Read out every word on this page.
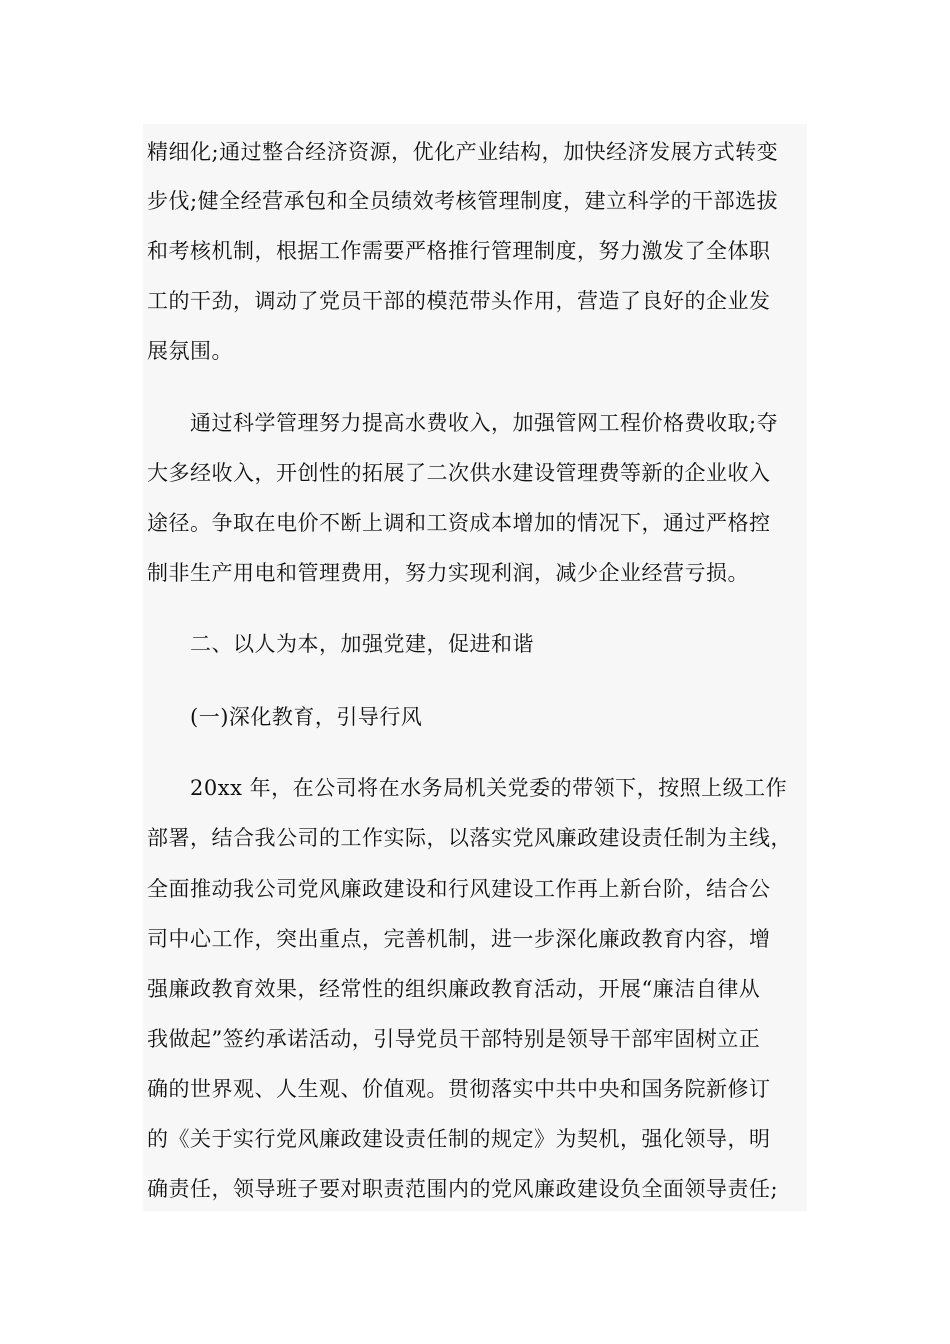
精细化;通过整合经济资源，优化产业结构，加快经济发展方式转变
步伐;健全经营承包和全员绩效考核管理制度，建立科学的干部选拔
和考核机制，根据工作需要严格推行管理制度，努力激发了全体职
工的干劲，调动了党员干部的模范带头作用，营造了良好的企业发
展氛围。
通过科学管理努力提高水费收入，加强管网工程价格费收取;夺
大多经收入，开创性的拓展了二次供水建设管理费等新的企业收入
途径。争取在电价不断上调和工资成本增加的情况下，通过严格控
制非生产用电和管理费用，努力实现利润，减少企业经营亏损。
二、以人为本，加强党建，促进和谐
(一)深化教育，引导行风
20xx 年，在公司将在水务局机关党委的带领下，按照上级工作
部署，结合我公司的工作实际，以落实党风廉政建设责任制为主线，
全面推动我公司党风廉政建设和行风建设工作再上新台阶，结合公
司中心工作，突出重点，完善机制，进一步深化廉政教育内容，增
强廉政教育效果，经常性的组织廉政教育活动，开展“廉洁自律从
我做起”签约承诺活动，引导党员干部特别是领导干部牢固树立正
确的世界观、人生观、价值观。贯彻落实中共中央和国务院新修订
的《关于实行党风廉政建设责任制的规定》为契机，强化领导，明
确责任，领导班子要对职责范围内的党风廉政建设负全面领导责任;
